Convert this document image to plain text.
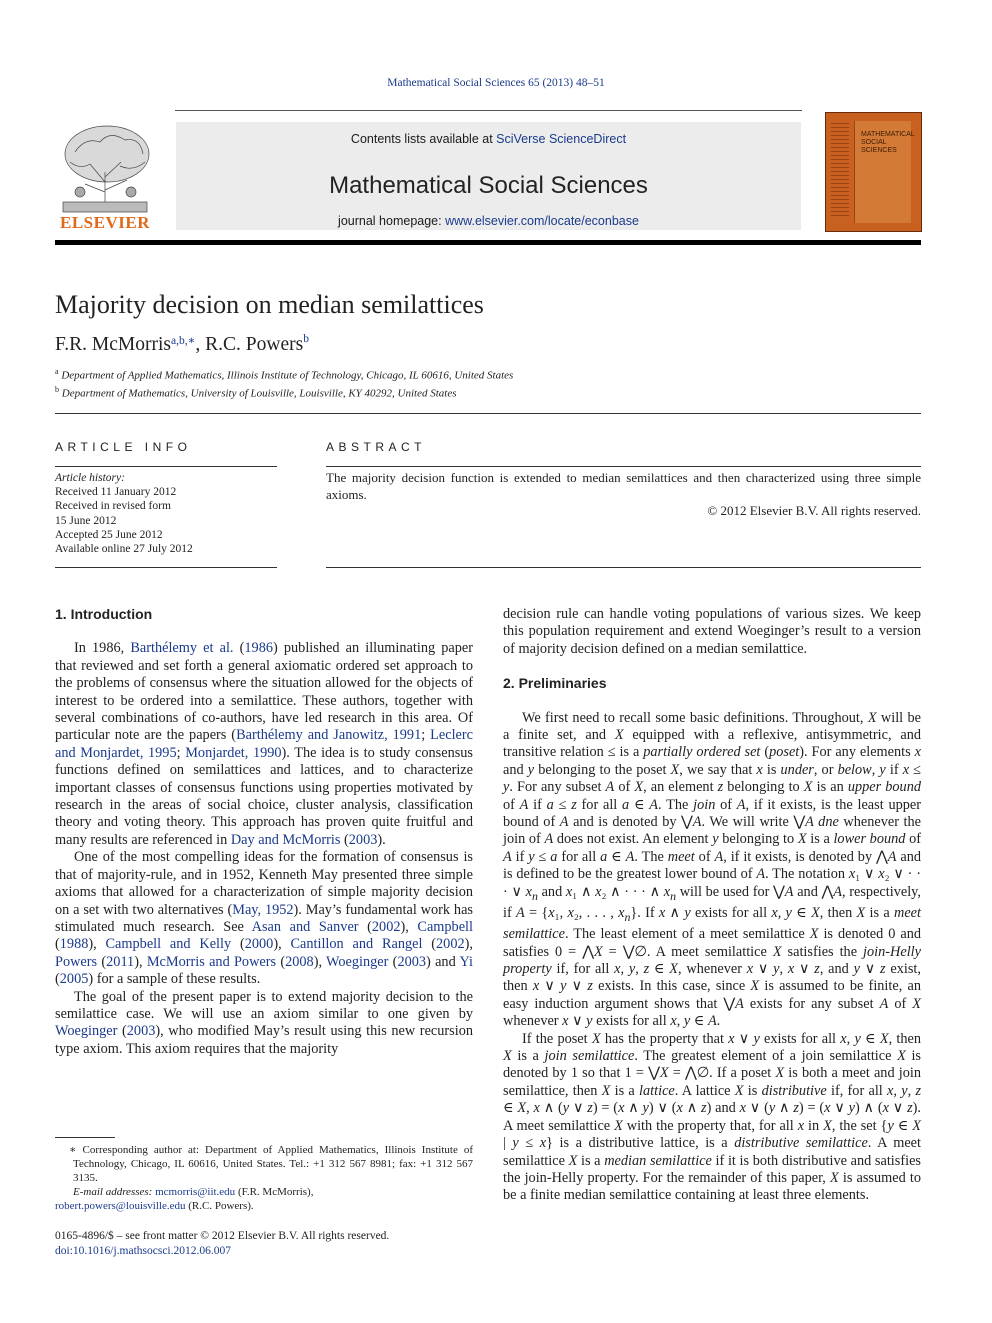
Mathematical Social Sciences 65 (2013) 48–51
ELSEVIER
Contents lists available at SciVerse ScienceDirect
Mathematical Social Sciences
journal homepage: www.elsevier.com/locate/econbase
MATHEMATICAL SOCIAL SCIENCES
Majority decision on median semilattices
F.R. McMorris$^{a,b,∗}$, R.C. Powers$^b$
$^a$ Department of Applied Mathematics, Illinois Institute of Technology, Chicago, IL 60616, United States
$^b$ Department of Mathematics, University of Louisville, Louisville, KY 40292, United States
ARTICLE INFO	ABSTRACT
Article history:
Received 11 January 2012
Received in revised form
15 June 2012
Accepted 25 June 2012
Available online 27 July 2012
The majority decision function is extended to median semilattices and then characterized using three simple axioms.
© 2012 Elsevier B.V. All rights reserved.
1. Introduction

In 1986, Barthélemy et al. (1986) published an illuminating paper that reviewed and set forth a general axiomatic ordered set approach to the problems of consensus where the situation allowed for the objects of interest to be ordered into a semilattice. These authors, together with several combinations of co-authors, have led research in this area. Of particular note are the papers (Barthélemy and Janowitz, 1991; Leclerc and Monjardet, 1995; Monjardet, 1990). The idea is to study consensus functions defined on semilattices and lattices, and to characterize important classes of consensus functions using properties motivated by research in the areas of social choice, cluster analysis, classification theory and voting theory. This approach has proven quite fruitful and many results are referenced in Day and McMorris (2003).

One of the most compelling ideas for the formation of consensus is that of majority-rule, and in 1952, Kenneth May presented three simple axioms that allowed for a characterization of simple majority decision on a set with two alternatives (May, 1952). May’s fundamental work has stimulated much research. See Asan and Sanver (2002), Campbell (1988), Campbell and Kelly (2000), Cantillon and Rangel (2002), Powers (2011), McMorris and Powers (2008), Woeginger (2003) and Yi (2005) for a sample of these results.

The goal of the present paper is to extend majority decision to the semilattice case. We will use an axiom similar to one given by Woeginger (2003), who modified May’s result using this new recursion type axiom. This axiom requires that the majority

decision rule can handle voting populations of various sizes. We keep this population requirement and extend Woeginger’s result to a version of majority decision defined on a median semilattice.

2. Preliminaries

We first need to recall some basic definitions. Throughout, X will be a finite set, and X equipped with a reflexive, antisymmetric, and transitive relation ≤ is a partially ordered set (poset). For any elements x and y belonging to the poset X, we say that x is under, or below, y if x ≤ y. For any subset A of X, an element z belonging to X is an upper bound of A if a ≤ z for all a ∈ A. The join of A, if it exists, is the least upper bound of A and is denoted by ⋁A. We will write ⋁A dne whenever the join of A does not exist. An element y belonging to X is a lower bound of A if y ≤ a for all a ∈ A. The meet of A, if it exists, is denoted by ⋀A and is defined to be the greatest lower bound of A. The notation x₁ ∨ x₂ ∨ · · · ∨ $x_n$ and x₁ ∧ x₂ ∧ · · · ∧ $x_n$ will be used for ⋁A and ⋀A, respectively, if A = {x₁, x₂, . . . , $x_n$}. If x ∧ y exists for all x, y ∈ X, then X is a meet semilattice. The least element of a meet semilattice X is denoted 0 and satisfies 0 = ⋀X = ⋁∅. A meet semilattice X satisfies the join-Helly property if, for all x, y, z ∈ X, whenever x ∨ y, x ∨ z, and y ∨ z exist, then x ∨ y ∨ z exists. In this case, since X is assumed to be finite, an easy induction argument shows that ⋁A exists for any subset A of X whenever x ∨ y exists for all x, y ∈ A.

If the poset X has the property that x ∨ y exists for all x, y ∈ X, then X is a join semilattice. The greatest element of a join semilattice X is denoted by 1 so that 1 = ⋁X = ⋀∅. If a poset X is both a meet and join semilattice, then X is a lattice. A lattice X is distributive if, for all x, y, z ∈ X, x ∧ (y ∨ z) = (x ∧ y) ∨ (x ∧ z) and x ∨ (y ∧ z) = (x ∨ y) ∧ (x ∨ z). A meet semilattice X with the property that, for all x in X, the set {y ∈ X | y ≤ x} is a distributive lattice, is a distributive semilattice. A meet semilattice X is a median semilattice if it is both distributive and satisfies the join-Helly property. For the remainder of this paper, X is assumed to be a finite median semilattice containing at least three elements.

∗ Corresponding author at: Department of Applied Mathematics, Illinois Institute of Technology, Chicago, IL 60616, United States. Tel.: +1 312 567 8981; fax: +1 312 567 3135.

E-mail addresses: mcmorris@iit.edu (F.R. McMorris),

robert.powers@louisville.edu (R.C. Powers).

0165-4896/$ – see front matter © 2012 Elsevier B.V. All rights reserved.
doi:10.1016/j.mathsocsci.2012.06.007
